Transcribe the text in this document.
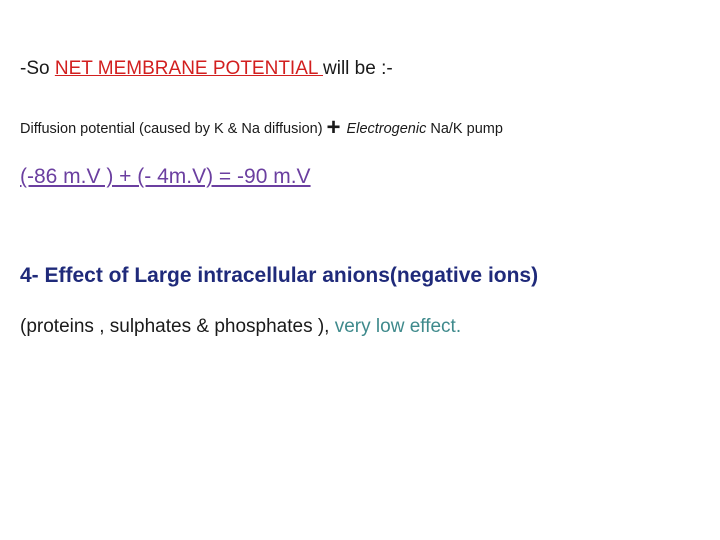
-So NET MEMBRANE POTENTIAL will be :-
Diffusion potential (caused by K & Na diffusion) + Electrogenic Na/K pump
(-86 m.V ) + (- 4m.V) = -90 m.V
4- Effect of Large intracellular anions(negative ions)
(proteins , sulphates & phosphates ), very low effect.
